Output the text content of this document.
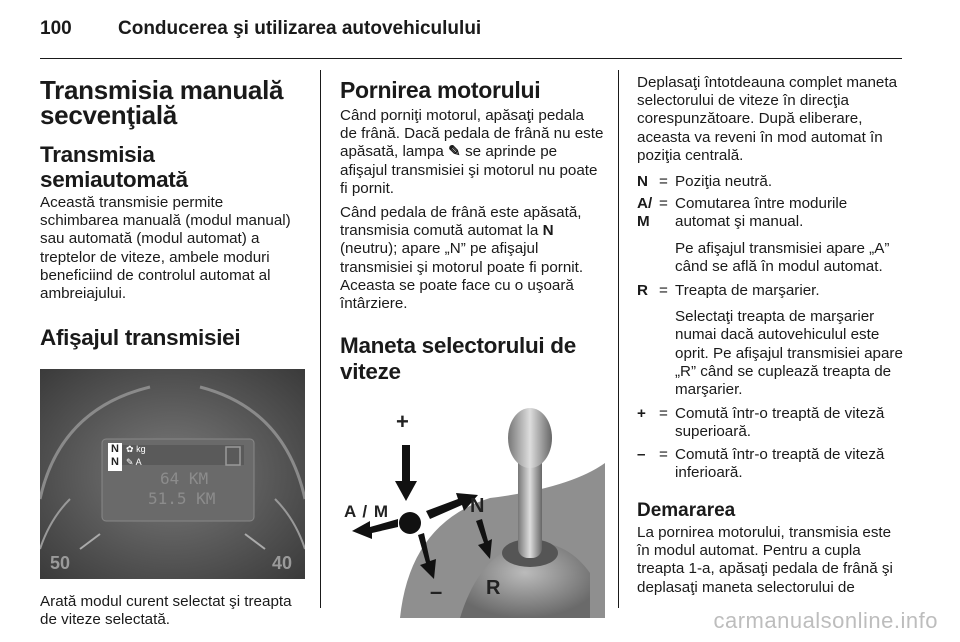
100 Conducerea şi utilizarea autovehiculului
Transmisia manuală secvenţială
Transmisia semiautomată

Această transmisie permite schimbarea manuală (modul manual) sau automată (modul automat) a treptelor de viteze, ambele moduri beneficiind de controlul automat al ambreiajului.

Afişajul transmisiei
N
N
✿ kg
✎ A
64 KM
51.5 KM
50	40

Arată modul curent selectat şi treapta de viteze selectată.

Pornirea motorului

Când porniţi motorul, apăsaţi pedala de frână. Dacă pedala de frână nu este apăsată, lampa ✎ se aprinde pe afişajul transmisiei şi motorul nu poate fi pornit.

Când pedala de frână este apăsată, transmisia comută automat la N (neutru); apare „N” pe afişajul transmisiei şi motorul poate fi pornit. Aceasta se poate face cu o uşoară întârziere.

Maneta selectorului de viteze
+
A / M	N
– R

Deplasaţi întotdeauna complet maneta selectorului de viteze în direcţia corespunzătoare. După eliberare, aceasta va reveni în mod automat în poziţia centrală.

N = Poziţia neutră.
A/ M
= Comutarea între modurile automat şi manual.
Pe afişajul transmisiei apare „A” când se află în modul automat.
R = Treapta de marşarier.
Selectaţi treapta de marşarier numai dacă autovehiculul este oprit. Pe afişajul transmisiei apare „R” când se cuplează treapta de marşarier.
+ = Comută într-o treaptă de viteză superioară.
– = Comută într-o treaptă de viteză inferioară.
Demararea

La pornirea motorului, transmisia este în modul automat. Pentru a cupla treapta 1-a, apăsaţi pedala de frână şi deplasaţi maneta selectorului de

carmanualsonline.info
